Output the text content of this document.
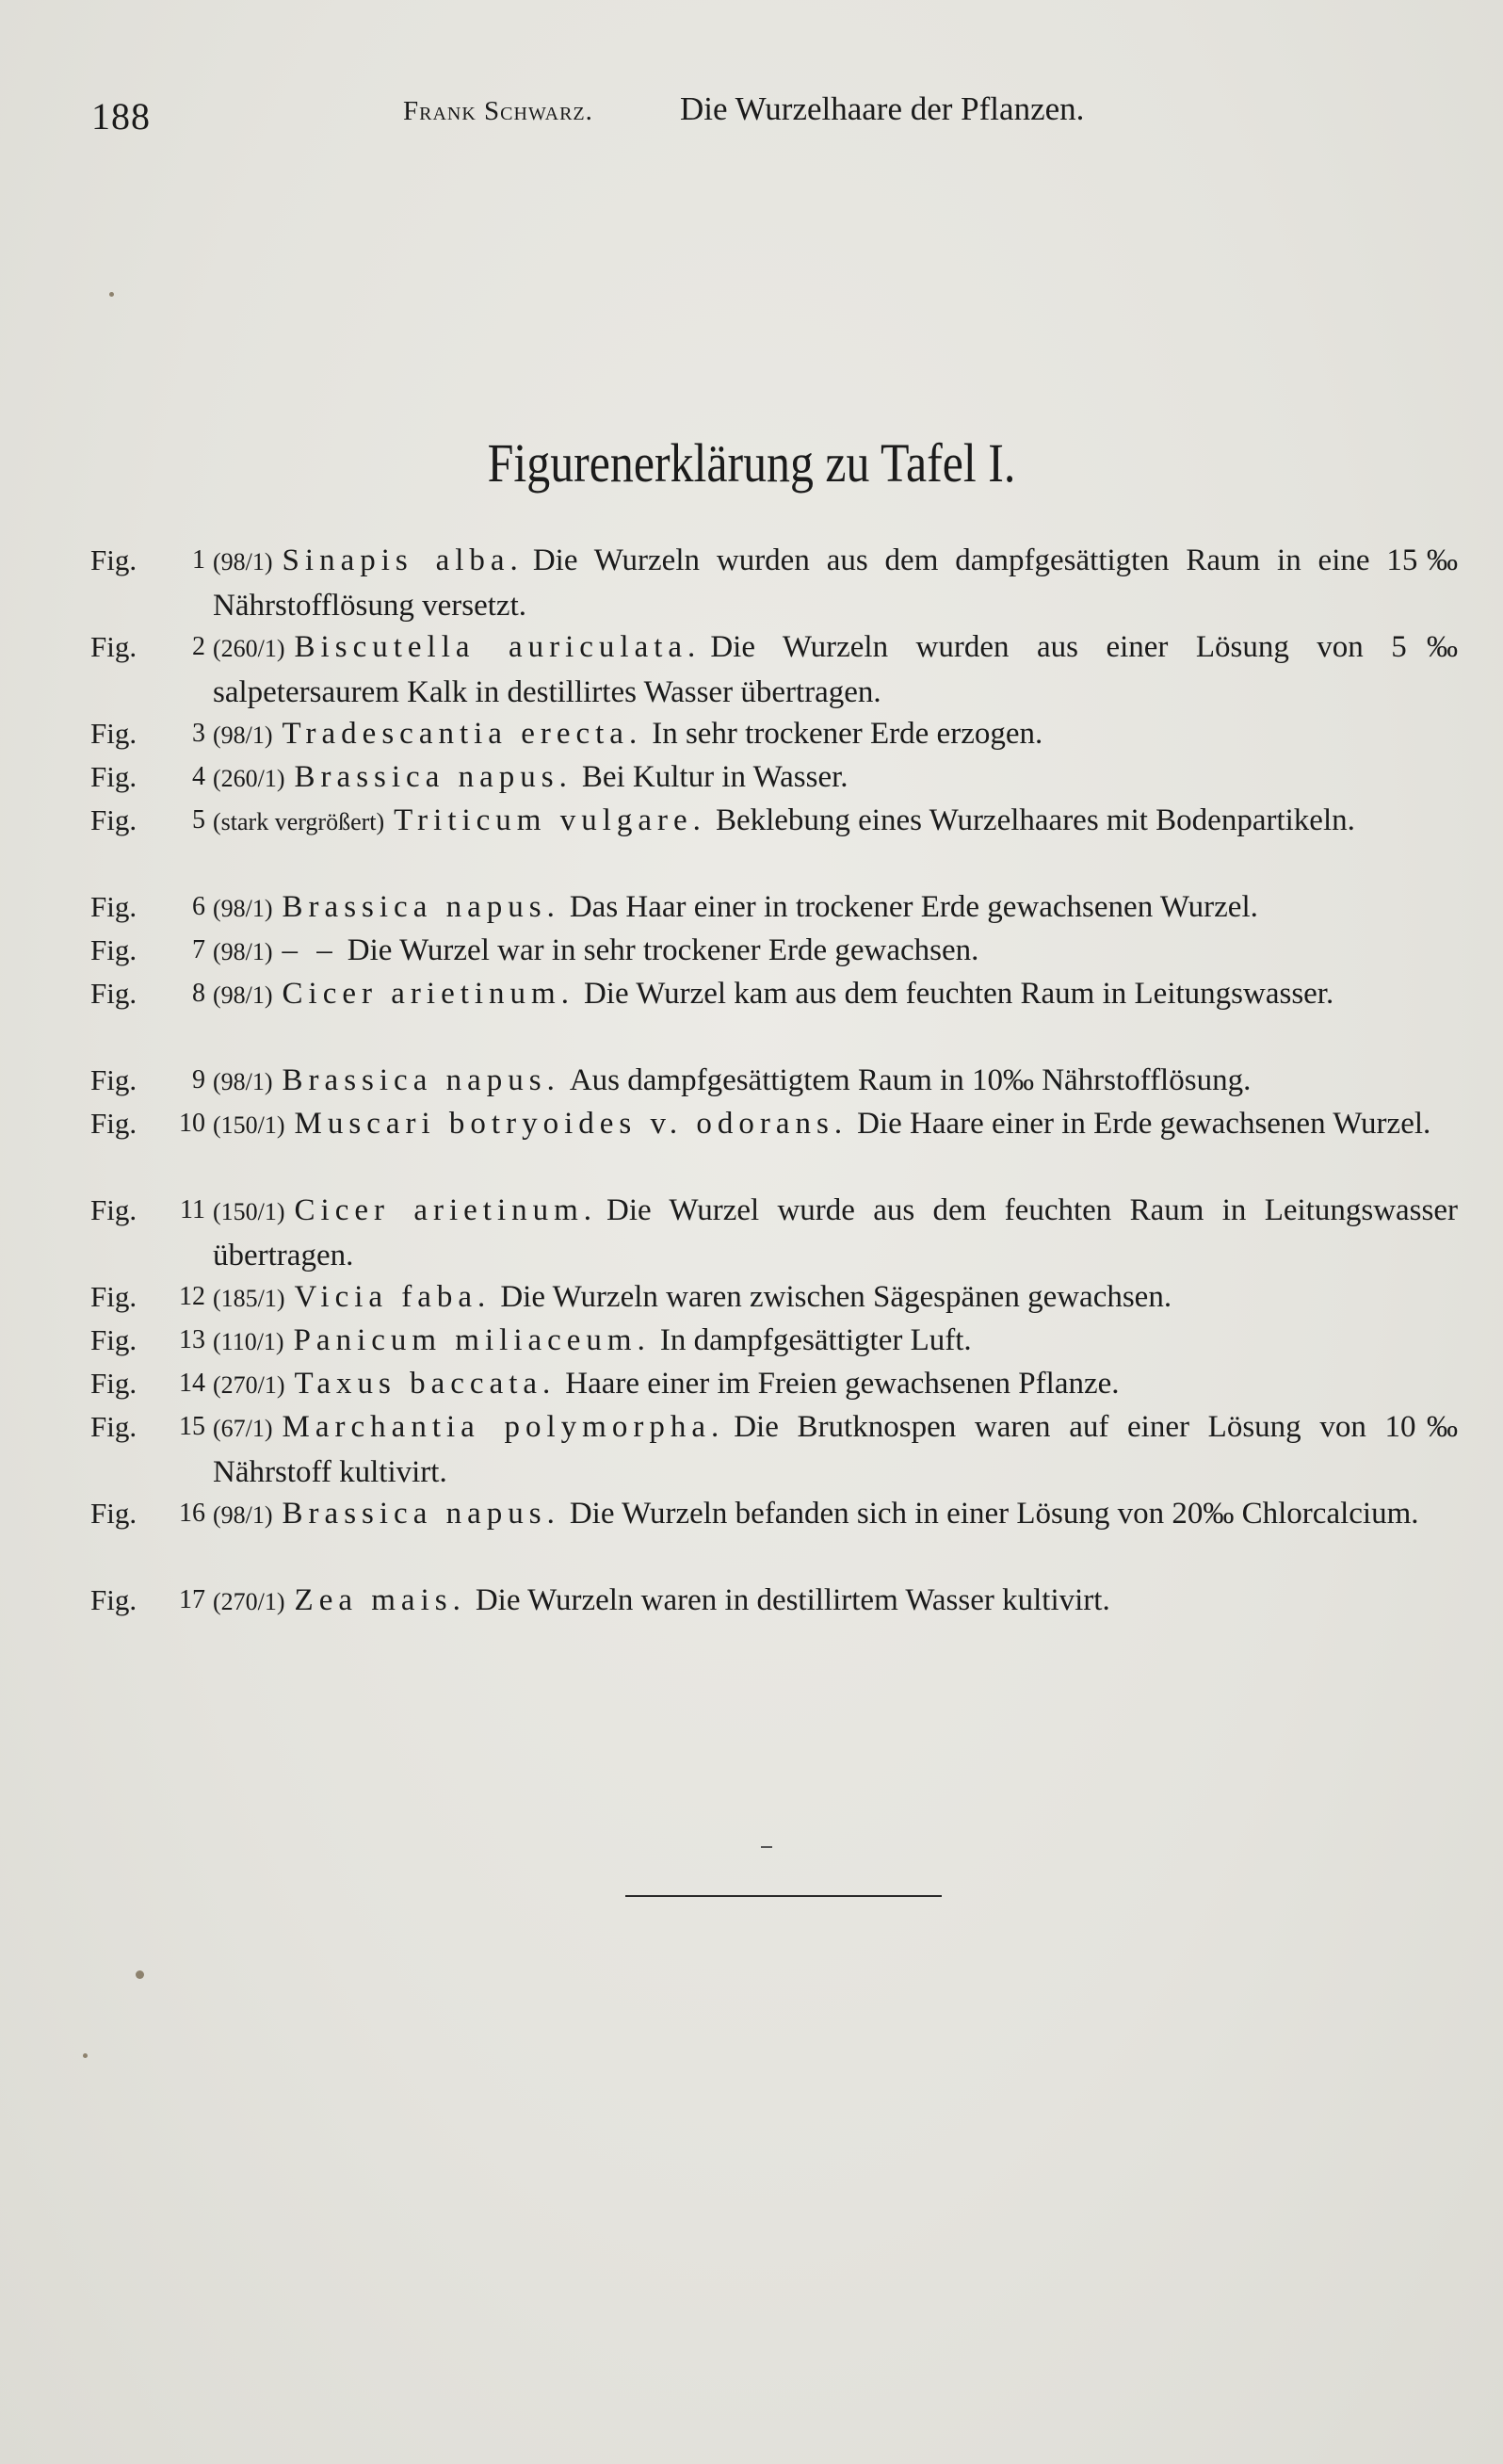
188	Frank Schwarz.	Die Wurzelhaare der Pflanzen.
Figurenerklärung zu Tafel I.
Fig.	1 (98/1) Sinapis alba. Die Wurzeln wurden aus dem dampfgesättigten Raum in eine 15‰ Nährstofflösung versetzt.
Fig.	2 (260/1) Biscutella auriculata. Die Wurzeln wurden aus einer Lösung von 5‰ salpetersaurem Kalk in destillirtes Wasser übertragen.
Fig.	3 (98/1) Tradescantia erecta. In sehr trockener Erde erzogen.
Fig.	4 (260/1) Brassica napus. Bei Kultur in Wasser.
Fig.	5 (stark vergrößert) Triticum vulgare. Beklebung eines Wurzelhaares mit Bodenpartikeln.
Fig.	6 (98/1) Brassica napus. Das Haar einer in trockener Erde gewachsenen Wurzel.
Fig.	7 (98/1) – – Die Wurzel war in sehr trockener Erde gewachsen.
Fig.	8 (98/1) Cicer arietinum. Die Wurzel kam aus dem feuchten Raum in Leitungswasser.
Fig.	9 (98/1) Brassica napus. Aus dampfgesättigtem Raum in 10‰ Nährstofflösung.
Fig.	10 (150/1) Muscari botryoides v. odorans. Die Haare einer in Erde gewachsenen Wurzel.
Fig.	11 (150/1) Cicer arietinum. Die Wurzel wurde aus dem feuchten Raum in Leitungswasser übertragen.
Fig.	12 (185/1) Vicia faba. Die Wurzeln waren zwischen Sägespänen gewachsen.
Fig.	13 (110/1) Panicum miliaceum. In dampfgesättigter Luft.
Fig.	14 (270/1) Taxus baccata. Haare einer im Freien gewachsenen Pflanze.
Fig.	15 (67/1) Marchantia polymorpha. Die Brutknospen waren auf einer Lösung von 10‰ Nährstoff kultivirt.
Fig.	16 (98/1) Brassica napus. Die Wurzeln befanden sich in einer Lösung von 20‰ Chlorcalcium.
Fig.	17 (270/1) Zea mais. Die Wurzeln waren in destillirtem Wasser kultivirt.
